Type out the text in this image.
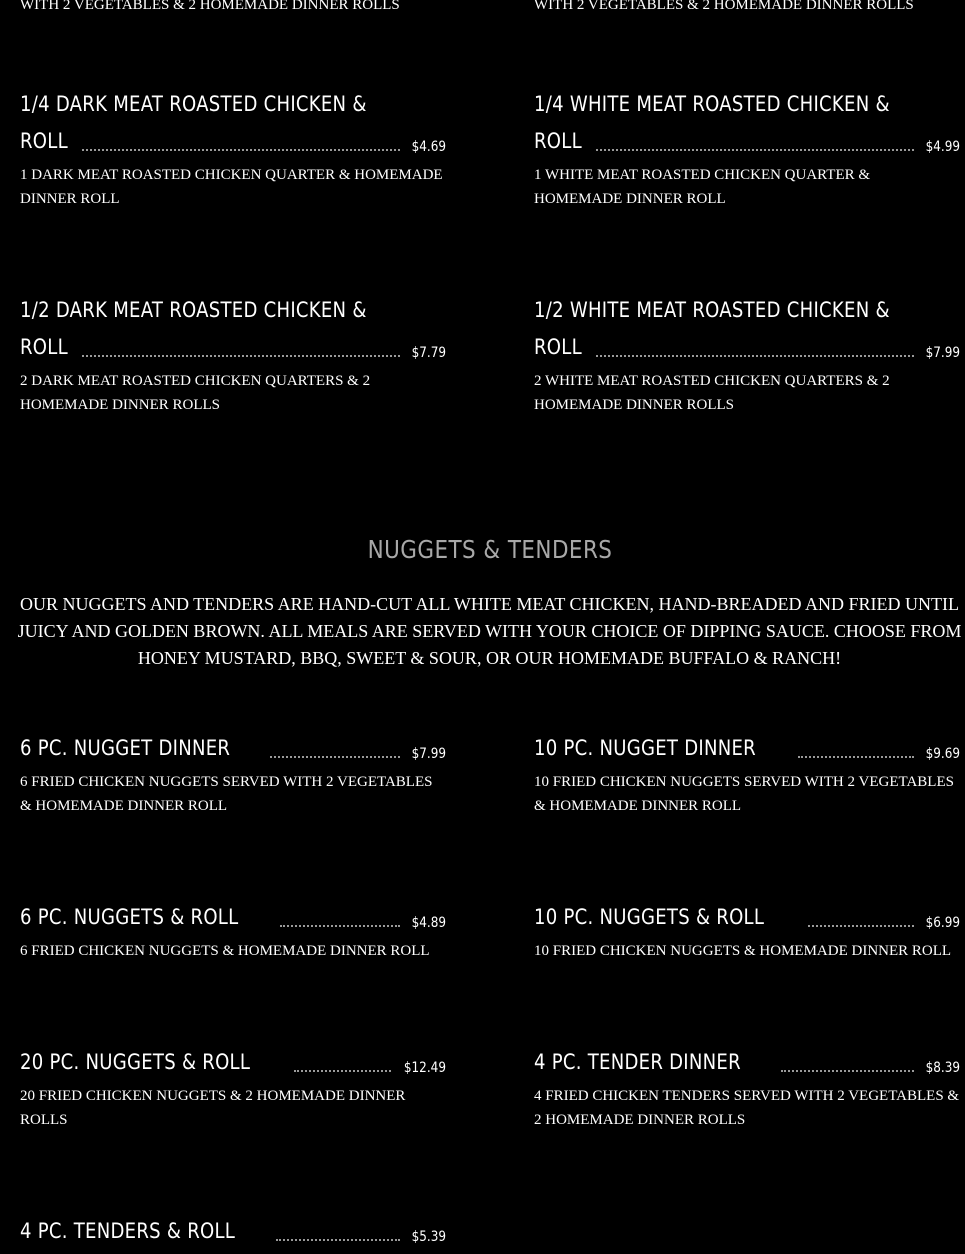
WITH 2 VEGETABLES & 2 HOMEMADE DINNER ROLLS	WITH 2 VEGETABLES & 2 HOMEMADE DINNER ROLLS
1/4 DARK MEAT ROASTED CHICKEN &
ROLL	$4.69
1 DARK MEAT ROASTED CHICKEN QUARTER & HOMEMADE DINNER ROLL
1/4 WHITE MEAT ROASTED CHICKEN &
ROLL	$4.99
1 WHITE MEAT ROASTED CHICKEN QUARTER & HOMEMADE DINNER ROLL
1/2 DARK MEAT ROASTED CHICKEN &
ROLL	$7.79
2 DARK MEAT ROASTED CHICKEN QUARTERS & 2 HOMEMADE DINNER ROLLS
1/2 WHITE MEAT ROASTED CHICKEN &
ROLL	$7.99
2 WHITE MEAT ROASTED CHICKEN QUARTERS & 2 HOMEMADE DINNER ROLLS
NUGGETS & TENDERS
OUR NUGGETS AND TENDERS ARE HAND-CUT ALL WHITE MEAT CHICKEN, HAND-BREADED AND FRIED UNTIL JUICY AND GOLDEN BROWN. ALL MEALS ARE SERVED WITH YOUR CHOICE OF DIPPING SAUCE. CHOOSE FROM HONEY MUSTARD, BBQ, SWEET & SOUR, OR OUR HOMEMADE BUFFALO & RANCH!
6 PC. NUGGET DINNER	$7.99
6 FRIED CHICKEN NUGGETS SERVED WITH 2 VEGETABLES & HOMEMADE DINNER ROLL
10 PC. NUGGET DINNER	$9.69
10 FRIED CHICKEN NUGGETS SERVED WITH 2 VEGETABLES & HOMEMADE DINNER ROLL
6 PC. NUGGETS & ROLL	$4.89
6 FRIED CHICKEN NUGGETS & HOMEMADE DINNER ROLL
10 PC. NUGGETS & ROLL	$6.99
10 FRIED CHICKEN NUGGETS & HOMEMADE DINNER ROLL
20 PC. NUGGETS & ROLL	$12.49
20 FRIED CHICKEN NUGGETS & 2 HOMEMADE DINNER ROLLS
4 PC. TENDER DINNER	$8.39
4 FRIED CHICKEN TENDERS SERVED WITH 2 VEGETABLES & 2 HOMEMADE DINNER ROLLS
4 PC. TENDERS & ROLL	$5.39
